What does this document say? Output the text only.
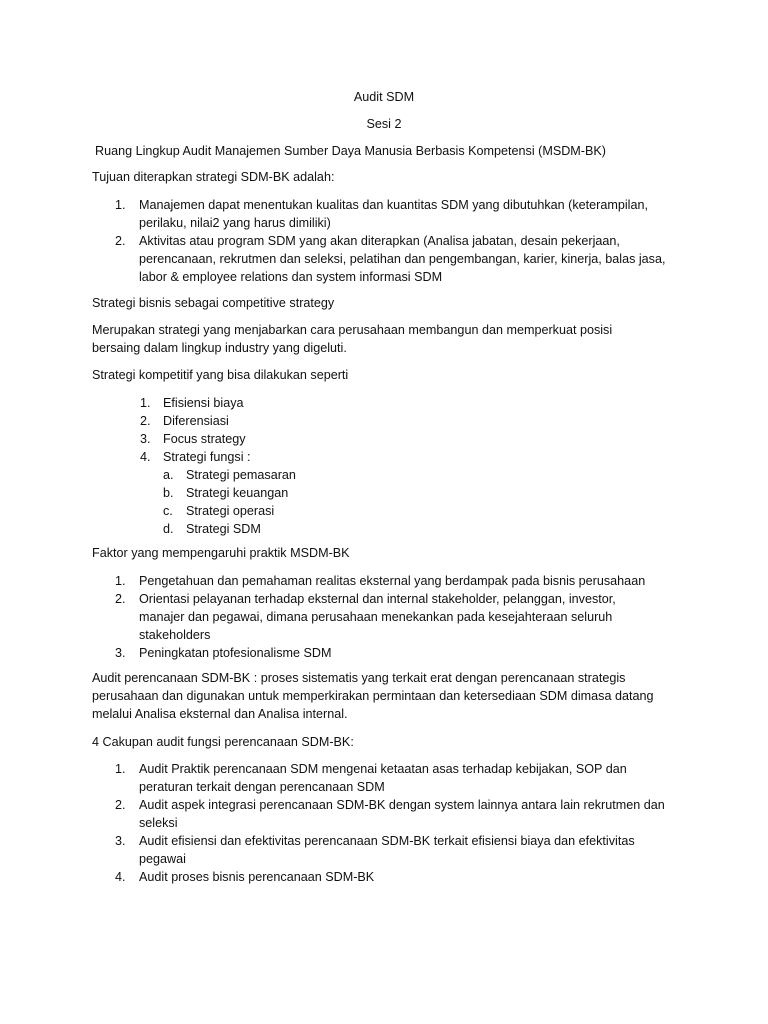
Audit SDM
Sesi 2
Ruang Lingkup Audit Manajemen Sumber Daya Manusia Berbasis Kompetensi (MSDM-BK)
Tujuan diterapkan strategi SDM-BK adalah:
1. Manajemen dapat menentukan kualitas dan kuantitas SDM yang dibutuhkan (keterampilan, perilaku, nilai2 yang harus dimiliki)
2. Aktivitas atau program SDM yang akan diterapkan (Analisa jabatan, desain pekerjaan, perencanaan, rekrutmen dan seleksi, pelatihan dan pengembangan, karier, kinerja, balas jasa, labor & employee relations dan system informasi SDM
Strategi bisnis sebagai competitive strategy
Merupakan strategi yang menjabarkan cara perusahaan membangun dan memperkuat posisi bersaing dalam lingkup industry yang digeluti.
Strategi kompetitif yang bisa dilakukan seperti
1. Efisiensi biaya
2. Diferensiasi
3. Focus strategy
4. Strategi fungsi :
a. Strategi pemasaran
b. Strategi keuangan
c. Strategi operasi
d. Strategi SDM
Faktor yang mempengaruhi praktik MSDM-BK
1. Pengetahuan dan pemahaman realitas eksternal yang berdampak pada bisnis perusahaan
2. Orientasi pelayanan terhadap eksternal dan internal stakeholder, pelanggan, investor, manajer dan pegawai, dimana perusahaan menekankan pada kesejahteraan seluruh stakeholders
3. Peningkatan ptofesionalisme SDM
Audit perencanaan SDM-BK : proses sistematis yang terkait erat dengan perencanaan strategis perusahaan dan digunakan untuk memperkirakan permintaan dan ketersediaan SDM dimasa datang melalui Analisa eksternal dan Analisa internal.
4 Cakupan audit fungsi perencanaan SDM-BK:
1. Audit Praktik perencanaan SDM mengenai ketaatan asas terhadap kebijakan, SOP dan peraturan terkait dengan perencanaan SDM
2. Audit aspek integrasi perencanaan SDM-BK dengan system lainnya antara lain rekrutmen dan seleksi
3. Audit efisiensi dan efektivitas perencanaan SDM-BK terkait efisiensi biaya dan efektivitas pegawai
4. Audit proses bisnis perencanaan SDM-BK
